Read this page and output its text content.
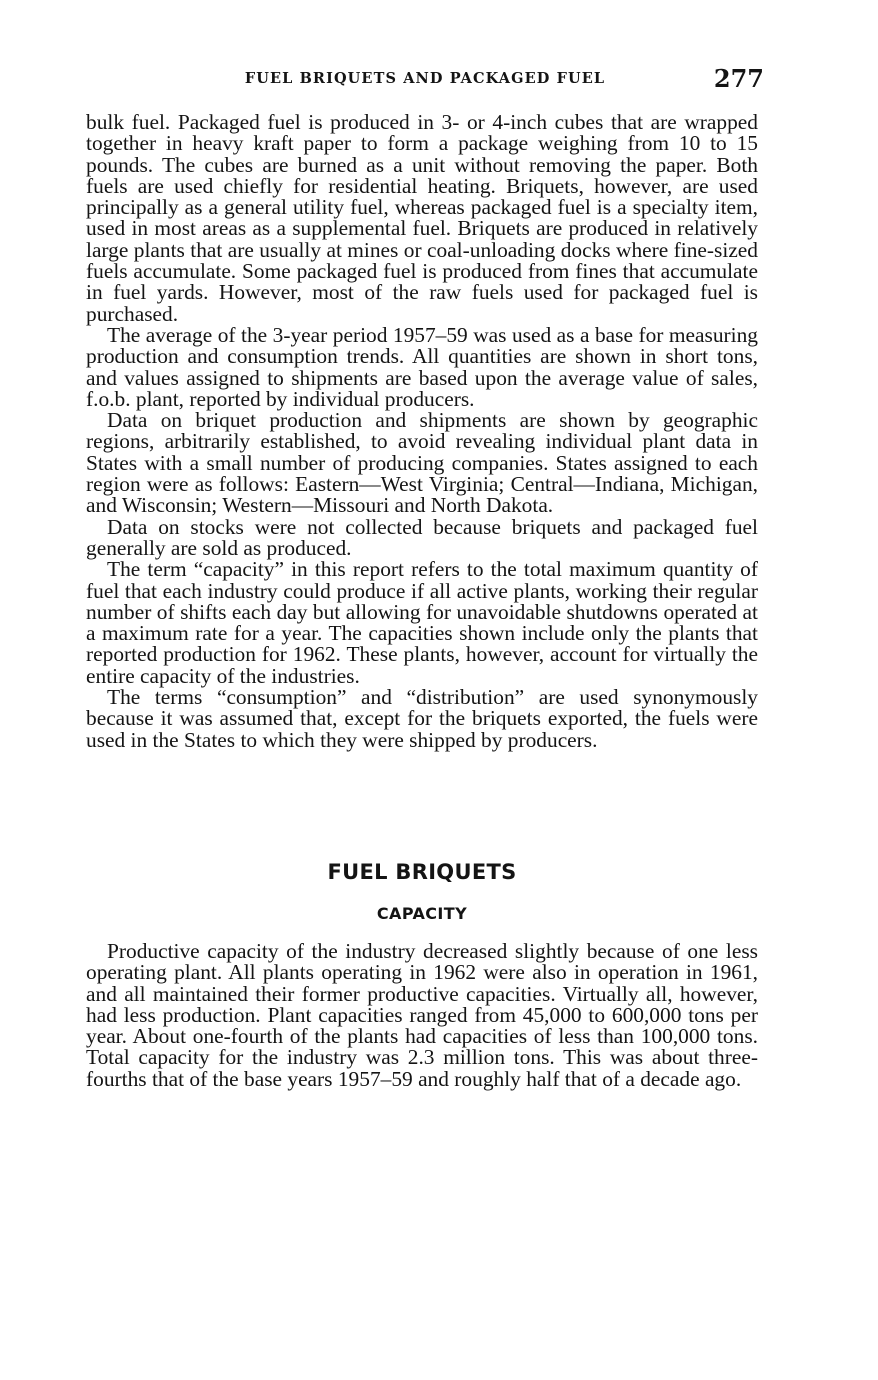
FUEL BRIQUETS AND PACKAGED FUEL	277

bulk fuel. Packaged fuel is produced in 3- or 4-inch cubes that are wrapped together in heavy kraft paper to form a package weighing from 10 to 15 pounds. The cubes are burned as a unit without removing the paper. Both fuels are used chiefly for residential heating. Briquets, however, are used principally as a general utility fuel, whereas packaged fuel is a specialty item, used in most areas as a supplemental fuel. Briquets are produced in relatively large plants that are usually at mines or coal-unloading docks where fine-sized fuels accumulate. Some packaged fuel is produced from fines that accumulate in fuel yards. However, most of the raw fuels used for packaged fuel is purchased.

The average of the 3-year period 1957–59 was used as a base for measuring production and consumption trends. All quantities are shown in short tons, and values assigned to shipments are based upon the average value of sales, f.o.b. plant, reported by individual producers.

Data on briquet production and shipments are shown by geographic regions, arbitrarily established, to avoid revealing individual plant data in States with a small number of producing companies. States assigned to each region were as follows: Eastern—West Virginia; Central—Indiana, Michigan, and Wisconsin; Western—Missouri and North Dakota.

Data on stocks were not collected because briquets and packaged fuel generally are sold as produced.

The term “capacity” in this report refers to the total maximum quantity of fuel that each industry could produce if all active plants, working their regular number of shifts each day but allowing for unavoidable shutdowns operated at a maximum rate for a year. The capacities shown include only the plants that reported production for 1962. These plants, however, account for virtually the entire capacity of the industries.

The terms “consumption” and “distribution” are used synonymously because it was assumed that, except for the briquets exported, the fuels were used in the States to which they were shipped by producers.

FUEL BRIQUETS
CAPACITY

Productive capacity of the industry decreased slightly because of one less operating plant. All plants operating in 1962 were also in operation in 1961, and all maintained their former productive capacities. Virtually all, however, had less production. Plant capacities ranged from 45,000 to 600,000 tons per year. About one-fourth of the plants had capacities of less than 100,000 tons. Total capacity for the industry was 2.3 million tons. This was about three-fourths that of the base years 1957–59 and roughly half that of a decade ago.
